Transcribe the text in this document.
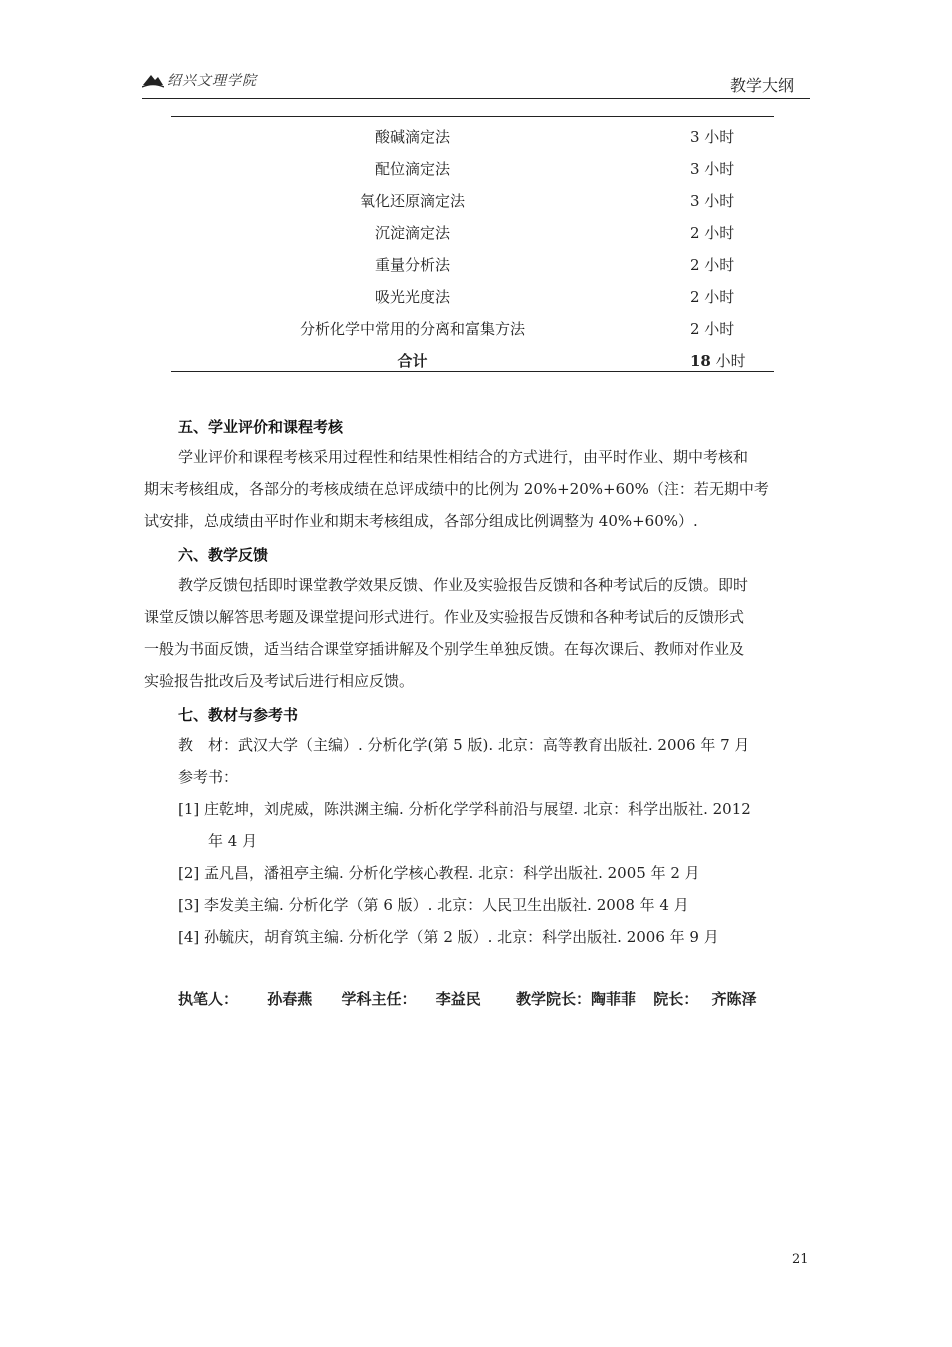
绍兴文理学院	教学大纲
酸碱滴定法	3 小时
配位滴定法	3 小时
氧化还原滴定法	3 小时
沉淀滴定法	2 小时
重量分析法	2 小时
吸光光度法	2 小时
分析化学中常用的分离和富集方法	2 小时
合计	18 小时
五、学业评价和课程考核
学业评价和课程考核采用过程性和结果性相结合的方式进行，由平时作业、期中考核和
期末考核组成，各部分的考核成绩在总评成绩中的比例为 20%+20%+60%（注：若无期中考
试安排，总成绩由平时作业和期末考核组成，各部分组成比例调整为 40%+60%）.
六、教学反馈
教学反馈包括即时课堂教学效果反馈、作业及实验报告反馈和各种考试后的反馈。即时
课堂反馈以解答思考题及课堂提问形式进行。作业及实验报告反馈和各种考试后的反馈形式
一般为书面反馈，适当结合课堂穿插讲解及个别学生单独反馈。在每次课后、教师对作业及
实验报告批改后及考试后进行相应反馈。
七、教材与参考书
教　材：武汉大学（主编）. 分析化学(第 5 版). 北京：高等教育出版社. 2006 年 7 月
参考书：
[1] 庄乾坤，刘虎威，陈洪渊主编. 分析化学学科前沿与展望. 北京：科学出版社. 2012
年 4 月
[2] 孟凡昌，潘祖亭主编. 分析化学核心教程. 北京：科学出版社. 2005 年 2 月
[3] 李发美主编. 分析化学（第 6 版）. 北京：人民卫生出版社. 2008 年 4 月
[4] 孙毓庆，胡育筑主编. 分析化学（第 2 版）. 北京：科学出版社. 2006 年 9 月
执笔人： 孙春燕 学科主任： 李益民 教学院长：陶菲菲 院长： 齐陈泽
21
